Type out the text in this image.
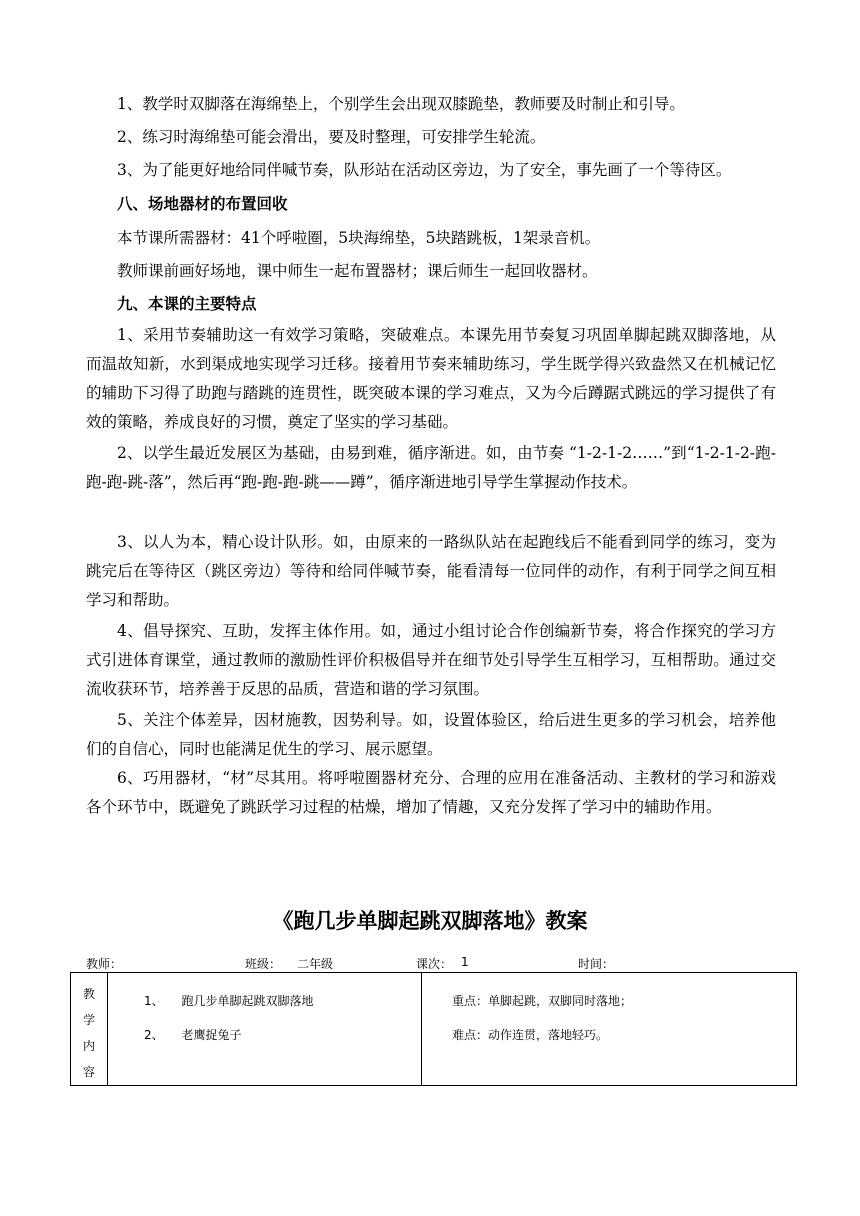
1、教学时双脚落在海绵垫上，个别学生会出现双膝跪垫，教师要及时制止和引导。

2、练习时海绵垫可能会滑出，要及时整理，可安排学生轮流。

3、为了能更好地给同伴喊节奏，队形站在活动区旁边，为了安全，事先画了一个等待区。

八、场地器材的布置回收

本节课所需器材：41个呼啦圈，5块海绵垫，5块踏跳板，1架录音机。

教师课前画好场地，课中师生一起布置器材；课后师生一起回收器材。

九、本课的主要特点

1、采用节奏辅助这一有效学习策略，突破难点。本课先用节奏复习巩固单脚起跳双脚落地，从而温故知新，水到渠成地实现学习迁移。接着用节奏来辅助练习，学生既学得兴致盎然又在机械记忆的辅助下习得了助跑与踏跳的连贯性，既突破本课的学习难点，又为今后蹲踞式跳远的学习提供了有效的策略，养成良好的习惯，奠定了坚实的学习基础。

2、以学生最近发展区为基础，由易到难，循序渐进。如，由节奏 “1-2-1-2……”到“1-2-1-2-跑-跑-跑-跳-落”，然后再“跑-跑-跑-跳——蹲”，循序渐进地引导学生掌握动作技术。

3、以人为本，精心设计队形。如，由原来的一路纵队站在起跑线后不能看到同学的练习，变为跳完后在等待区（跳区旁边）等待和给同伴喊节奏，能看清每一位同伴的动作，有利于同学之间互相学习和帮助。

4、倡导探究、互助，发挥主体作用。如，通过小组讨论合作创编新节奏，将合作探究的学习方式引进体育课堂，通过教师的激励性评价积极倡导并在细节处引导学生互相学习，互相帮助。通过交流收获环节，培养善于反思的品质，营造和谐的学习氛围。

5、关注个体差异，因材施教，因势利导。如，设置体验区，给后进生更多的学习机会，培养他们的自信心，同时也能满足优生的学习、展示愿望。

6、巧用器材，“材”尽其用。将呼啦圈器材充分、合理的应用在准备活动、主教材的学习和游戏各个环节中，既避免了跳跃学习过程的枯燥，增加了情趣，又充分发挥了学习中的辅助作用。

《跑几步单脚起跳双脚落地》教案
教师：	班级： 二年级	课次： 1	时间：
教
学
内
容

1、 跑几步单脚起跳双脚落地
2、 老鹰捉兔子

重点：单脚起跳，双脚同时落地；
难点：动作连贯，落地轻巧。
